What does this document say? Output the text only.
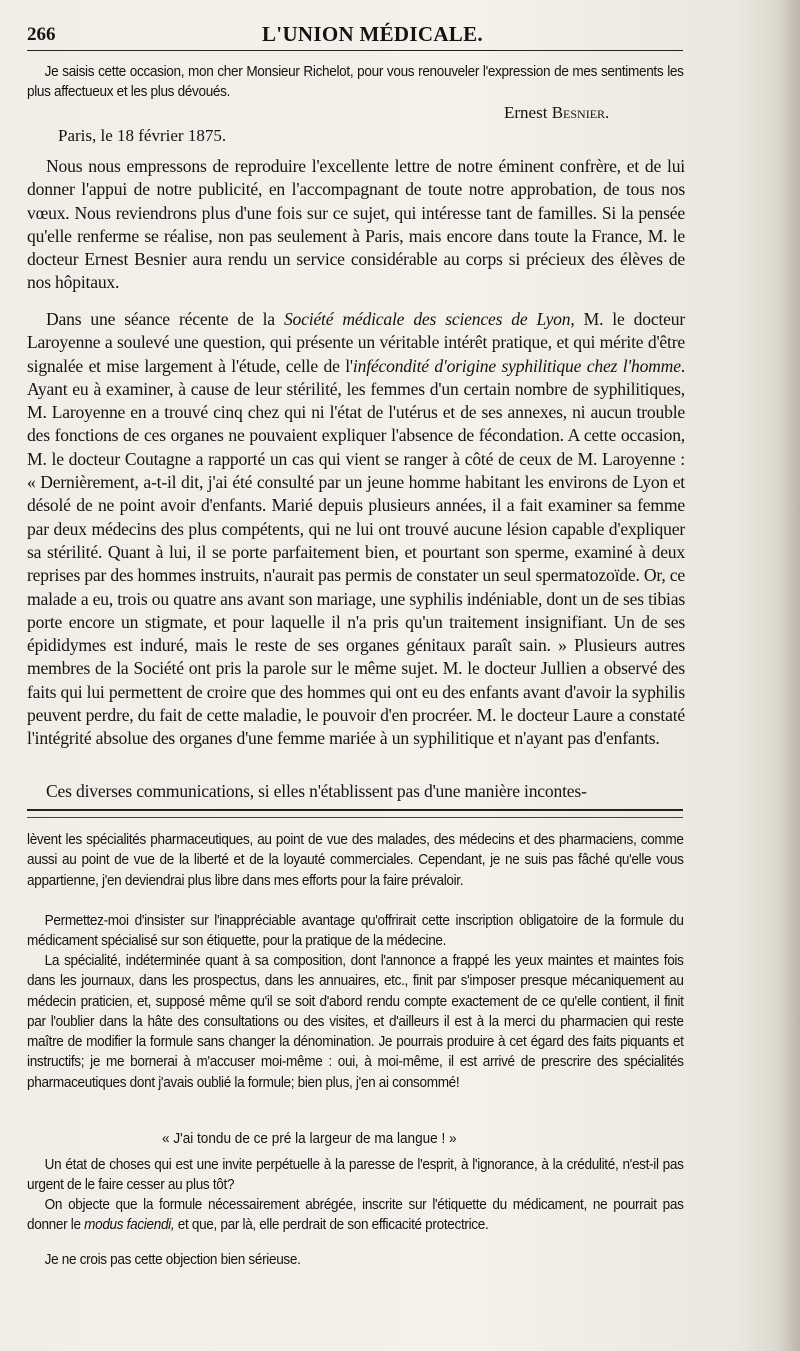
266	L'UNION MÉDICALE.

Je saisis cette occasion, mon cher Monsieur Richelot, pour vous renouveler l'expression de mes sentiments les plus affectueux et les plus dévoués.

Ernest Besnier.
Paris, le 18 février 1875.

Nous nous empressons de reproduire l'excellente lettre de notre éminent confrère, et de lui donner l'appui de notre publicité, en l'accompagnant de toute notre approbation, de tous nos vœux. Nous reviendrons plus d'une fois sur ce sujet, qui intéresse tant de familles. Si la pensée qu'elle renferme se réalise, non pas seulement à Paris, mais encore dans toute la France, M. le docteur Ernest Besnier aura rendu un service considérable au corps si précieux des élèves de nos hôpitaux.

Dans une séance récente de la Société médicale des sciences de Lyon, M. le docteur Laroyenne a soulevé une question, qui présente un véritable intérêt pratique, et qui mérite d'être signalée et mise largement à l'étude, celle de l'infécondité d'origine syphilitique chez l'homme. Ayant eu à examiner, à cause de leur stérilité, les femmes d'un certain nombre de syphilitiques, M. Laroyenne en a trouvé cinq chez qui ni l'état de l'utérus et de ses annexes, ni aucun trouble des fonctions de ces organes ne pouvaient expliquer l'absence de fécondation. A cette occasion, M. le docteur Coutagne a rapporté un cas qui vient se ranger à côté de ceux de M. Laroyenne : « Dernièrement, a-t-il dit, j'ai été consulté par un jeune homme habitant les environs de Lyon et désolé de ne point avoir d'enfants. Marié depuis plusieurs années, il a fait examiner sa femme par deux médecins des plus compétents, qui ne lui ont trouvé aucune lésion capable d'expliquer sa stérilité. Quant à lui, il se porte parfaitement bien, et pourtant son sperme, examiné à deux reprises par des hommes instruits, n'aurait pas permis de constater un seul spermatozoïde. Or, ce malade a eu, trois ou quatre ans avant son mariage, une syphilis indéniable, dont un de ses tibias porte encore un stigmate, et pour laquelle il n'a pris qu'un traitement insignifiant. Un de ses épididymes est induré, mais le reste de ses organes génitaux paraît sain. » Plusieurs autres membres de la Société ont pris la parole sur le même sujet. M. le docteur Jullien a observé des faits qui lui permettent de croire que des hommes qui ont eu des enfants avant d'avoir la syphilis peuvent perdre, du fait de cette maladie, le pouvoir d'en procréer. M. le docteur Laure a constaté l'intégrité absolue des organes d'une femme mariée à un syphilitique et n'ayant pas d'enfants.

Ces diverses communications, si elles n'établissent pas d'une manière incontes-

lèvent les spécialités pharmaceutiques, au point de vue des malades, des médecins et des pharmaciens, comme aussi au point de vue de la liberté et de la loyauté commerciales. Cependant, je ne suis pas fâché qu'elle vous appartienne, j'en deviendrai plus libre dans mes efforts pour la faire prévaloir.

Permettez-moi d'insister sur l'inappréciable avantage qu'offrirait cette inscription obligatoire de la formule du médicament spécialisé sur son étiquette, pour la pratique de la médecine.

La spécialité, indéterminée quant à sa composition, dont l'annonce a frappé les yeux maintes et maintes fois dans les journaux, dans les prospectus, dans les annuaires, etc., finit par s'imposer presque mécaniquement au médecin praticien, et, supposé même qu'il se soit d'abord rendu compte exactement de ce qu'elle contient, il finit par l'oublier dans la hâte des consultations ou des visites, et d'ailleurs il est à la merci du pharmacien qui reste maître de modifier la formule sans changer la dénomination. Je pourrais produire à cet égard des faits piquants et instructifs; je me bornerai à m'accuser moi-même : oui, à moi-même, il est arrivé de prescrire des spécialités pharmaceutiques dont j'avais oublié la formule; bien plus, j'en ai consommé!

« J'ai tondu de ce pré la largeur de ma langue ! »

Un état de choses qui est une invite perpétuelle à la paresse de l'esprit, à l'ignorance, à la crédulité, n'est-il pas urgent de le faire cesser au plus tôt?

On objecte que la formule nécessairement abrégée, inscrite sur l'étiquette du médicament, ne pourrait pas donner le modus faciendi, et que, par là, elle perdrait de son efficacité protectrice.

Je ne crois pas cette objection bien sérieuse.
